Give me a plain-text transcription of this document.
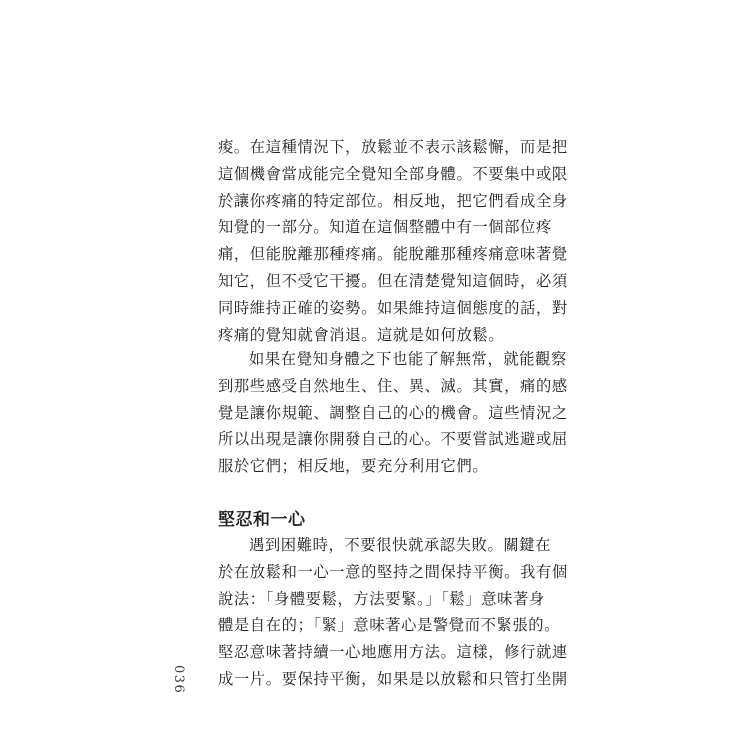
036
痠。在這種情況下，放鬆並不表示該鬆懈，而是把
這個機會當成能完全覺知全部身體。不要集中或限
於讓你疼痛的特定部位。相反地，把它們看成全身
知覺的一部分。知道在這個整體中有一個部位疼
痛，但能脫離那種疼痛。能脫離那種疼痛意味著覺
知它，但不受它干擾。但在清楚覺知這個時，必須
同時維持正確的姿勢。如果維持這個態度的話，對
疼痛的覺知就會消退。這就是如何放鬆。
如果在覺知身體之下也能了解無常，就能觀察
到那些感受自然地生、住、異、滅。其實，痛的感
覺是讓你規範、調整自己的心的機會。這些情況之
所以出現是讓你開發自己的心。不要嘗試逃避或屈
服於它們；相反地，要充分利用它們。
堅忍和一心
遇到困難時，不要很快就承認失敗。關鍵在
於在放鬆和一心一意的堅持之間保持平衡。我有個
說法：「身體要鬆，方法要緊。」「鬆」意味著身
體是自在的；「緊」意味著心是警覺而不緊張的。
堅忍意味著持續一心地應用方法。這樣，修行就連
成一片。要保持平衡，如果是以放鬆和只管打坐開
